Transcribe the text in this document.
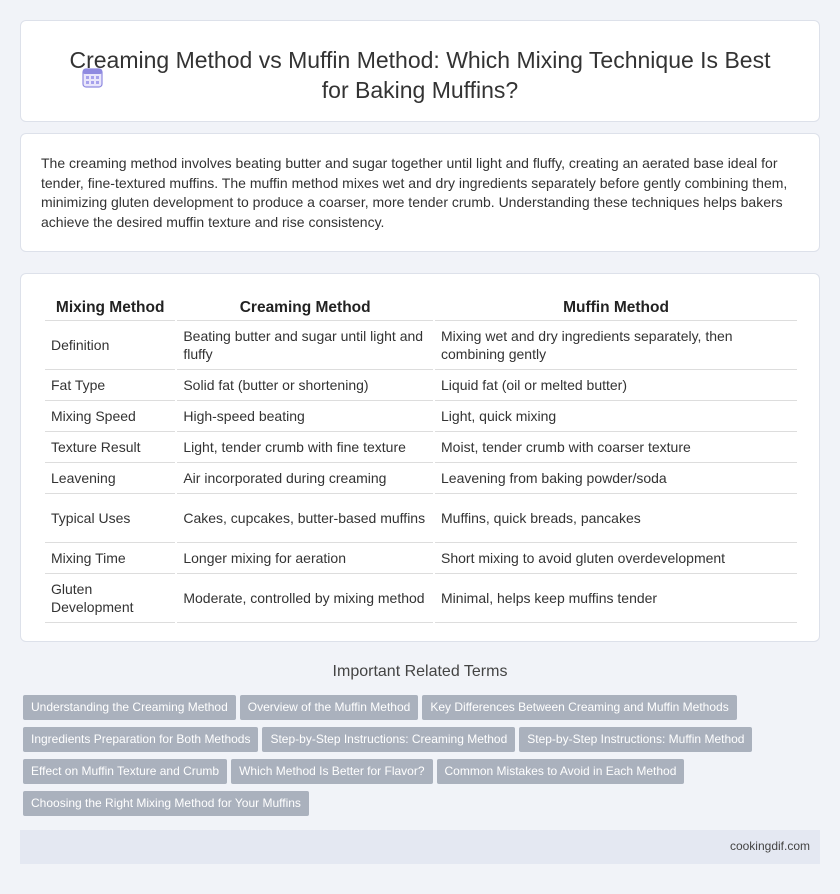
Creaming Method vs Muffin Method: Which Mixing Technique Is Best for Baking Muffins?

The creaming method involves beating butter and sugar together until light and fluffy, creating an aerated base ideal for tender, fine-textured muffins. The muffin method mixes wet and dry ingredients separately before gently combining them, minimizing gluten development to produce a coarser, more tender crumb. Understanding these techniques helps bakers achieve the desired muffin texture and rise consistency.

Mixing Method	Creaming Method	Muffin Method
Definition	Beating butter and sugar until light and fluffy	Mixing wet and dry ingredients separately, then combining gently
Fat Type	Solid fat (butter or shortening)	Liquid fat (oil or melted butter)
Mixing Speed	High-speed beating	Light, quick mixing
Texture Result	Light, tender crumb with fine texture	Moist, tender crumb with coarser texture
Leavening	Air incorporated during creaming	Leavening from baking powder/soda
Typical Uses	Cakes, cupcakes, butter-based muffins	Muffins, quick breads, pancakes
Mixing Time	Longer mixing for aeration	Short mixing to avoid gluten overdevelopment
Gluten Development	Moderate, controlled by mixing method	Minimal, helps keep muffins tender
Important Related Terms
Understanding the Creaming Method Overview of the Muffin Method Key Differences Between Creaming and Muffin MethodsIngredients Preparation for Both Methods Step-by-Step Instructions: Creaming Method Step-by-Step Instructions: Muffin MethodEffect on Muffin Texture and Crumb Which Method Is Better for Flavor? Common Mistakes to Avoid in Each MethodChoosing the Right Mixing Method for Your Muffins
cookingdif.com
